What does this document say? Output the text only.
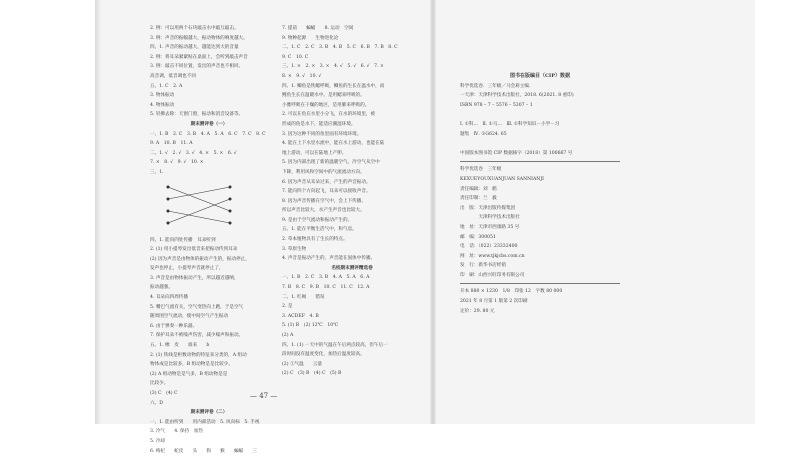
2. 例：可以用两个石块敲击水中敲互敲击。
3. 例：声音的振幅越大，振动物体的响度越大。
四、1. 声音的振动越大，越能达到大的音量
2. 例：将耳朵紧紧贴在桌面上，会听到敲击声音
3. 例：敲击不同位置，发出的声音也不相同，
高音调，低音调也不同
五、1. C　2. A
3. 物体振动
4. 物体振动
5. 轻拂去除：天窗门窗，振动和消音设备等。
期末测评卷（一）
一、1. B　2. C　3. B　4. A　5. A　6. C　7. C　8. C
9. A　10. B　11. A
二、1. √　2. √　3. √　4. ×　5. ×　6. √
7. ×　8. √　9. √　10. ×
三、1.
四、1. 能向四处传播　耳朵听到
2. (1) 用小提琴发出低音来把振动传到耳朵
(2) 因为声音是由物体的振动产生的，振动停止，
发声也停止，小提琴声音就停止了，
3. 声音是由物体振动产生，所以越近越响，
振动越强。
4. 耳朵向四周传播
5. 嘴巴气流有关，空气变热向上跑，于是空气
随周围空气流动，使中间空气产生振动
6. 由于弹奏一种乐器。
7. 保护耳朵不被噪声伤害，减少噪声和振动。
五、1. 橡　皮　　谁来　　b
2. (1) 铁线是柜数动物的特征来分类的，A 组动
物体成是比较多，B 组动物是是比较少。
(2) A 组动物是是气多，B 组动物是是
比较少。
(3) C　(4) C
六、D
期末测评卷（二）
一、1. 能由听到　　用内部活动　5. 风向标　5. 手视
3. 冷气　　4. 保持　加热
5. 冷却
6. 枸杞　　蛇皮　　头　　狗　　猴　　蝙蝠　　三
7. 提前　　蝙蝠　　8. 运动　空间
9. 物种起源　　生物进化论
二、1. C　2. C　3. B　4. B　5. C　6. B　7. B　8. C
9. C　10. C
三、1. ×　2. ×　3. ×　4. √　5. √　6. √　7. ×
8. ×　9. √　10. √
四、1. 鲫鱼是铁鳃呼吸，鲫鱼的生长在温水中，而
鲤鱼生长在温暖水中。是用鳃来呼吸的。
小雅呼吸在干燥的地区，是用肺来呼吸的。
2. 可以在鱼在水里小分飞，在水的环境里，被
形成的鱼是水下，能适应潮湿环境。
3. 因为这种不同的鱼里面有环境环境。
4. 能在上下水里水流中，能在水上游动，也能在陆
地上游动，可以在陆地上产卵。
5. 因为内部出现了新的温暖空气，冷空气从空中
下降，利用风和空间中的气流流动方向。
6. 因为声音从耳朵过来，产生的声音振动。
7. 能向四个方向起飞，耳朵可以接收声音。
8. 因为声音传播在空气中，会上下传播。
所以声音比较大，水产生声音也比较大。
9. 是由于空气流动和振动产生的。
五、1. 能在平衡生活气中，和气息。
2. 草本植物具有了生长的特点。
3. 草原生物
4. 声音是振动产生的，声音能在固体中传播。
名校期末测评精选卷
一、1. B　2. C　3. B　4. A　5. A　6. A
7. B　8. C　9. B　10. C　11. C　12. A
二、1. 红褐　　错误
2. 是
3. ACDEF　4. B
5. (1) B　(2) 12℃　10℃
(2) A
四、1. (1) 一天中的气温在午后两点较高，但午后一
段时间没有温度变化，加热后温度较高。
(2) ①气温　　云量
(2) C　(3) B　(4) C　(5) B
图书在版编目（CIP）数据
科学优选卷．三年级／马会莉主编．
一天津：天津科学技术出版社，2018. 6(2021. 8 重印)
ISBN 978 – 7 – 5576 – 5307 – 1

Ⅰ. ①科…　Ⅱ. ①马…　Ⅲ. ①科学知识－小学－习
题集　Ⅳ. ①G624. 65

中国版本图书馆 CIP 数据核字（2018）第 100667 号
科学优选卷　三年级
KEXUEYOUXUANJUAN SANNIANJI
责任编辑：刘　鹤
责任印制：兰　毅
出　版：天津出版传媒集团
　　　　天津科学技术出版社
地　址：天津市西康路 35 号
邮　编：300051
电　话：（022）23332400
网　址：www.tjkjcbs.com.cn
发　行：新华书店经销
印　刷：山西兴旺印务有限公司
开本 880 × 1230　1/8　印张 12　字数 80 000
2021 年 8 月第 1 版第 2 次印刷
定价：29. 80 元
— 47 —
